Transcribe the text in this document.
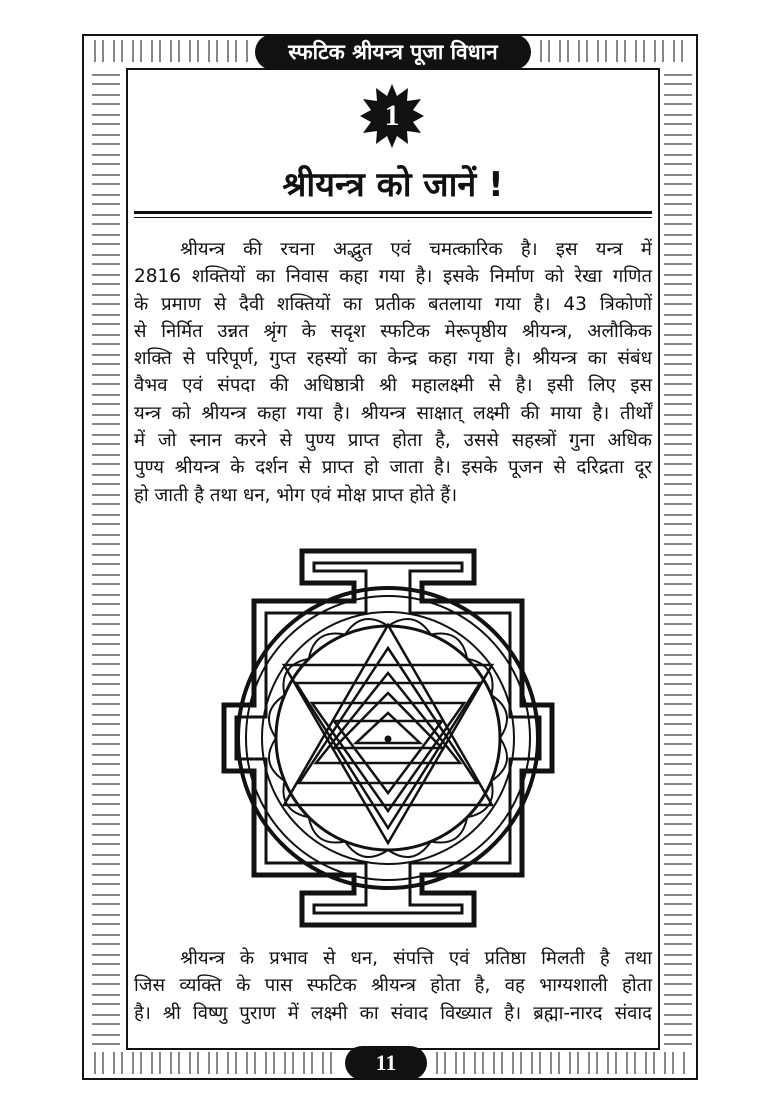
स्फटिक श्रीयन्त्र पूजा विधान
1
श्रीयन्त्र को जानें !
श्रीयन्त्र की रचना अद्भुत एवं चमत्कारिक है। इस यन्त्र में
2816 शक्तियों का निवास कहा गया है। इसके निर्माण को रेखा गणित
के प्रमाण से दैवी शक्तियों का प्रतीक बतलाया गया है। 43 त्रिकोणों
से निर्मित उन्नत श्रृंग के सदृश स्फटिक मेरूपृष्ठीय श्रीयन्त्र, अलौकिक
शक्ति से परिपूर्ण, गुप्त रहस्यों का केन्द्र कहा गया है। श्रीयन्त्र का संबंध
वैभव एवं संपदा की अधिष्ठात्री श्री महालक्ष्मी से है। इसी लिए इस
यन्त्र को श्रीयन्त्र कहा गया है। श्रीयन्त्र साक्षात् लक्ष्मी की माया है। तीर्थों
में जो स्नान करने से पुण्य प्राप्त होता है, उससे सहस्त्रों गुना अधिक
पुण्य श्रीयन्त्र के दर्शन से प्राप्त हो जाता है। इसके पूजन से दरिद्रता दूर
हो जाती है तथा धन, भोग एवं मोक्ष प्राप्त होते हैं।
श्रीयन्त्र के प्रभाव से धन, संपत्ति एवं प्रतिष्ठा मिलती है तथा
जिस व्यक्ति के पास स्फटिक श्रीयन्त्र होता है, वह भाग्यशाली होता
है। श्री विष्णु पुराण में लक्ष्मी का संवाद विख्यात है। ब्रह्मा-नारद संवाद
11
